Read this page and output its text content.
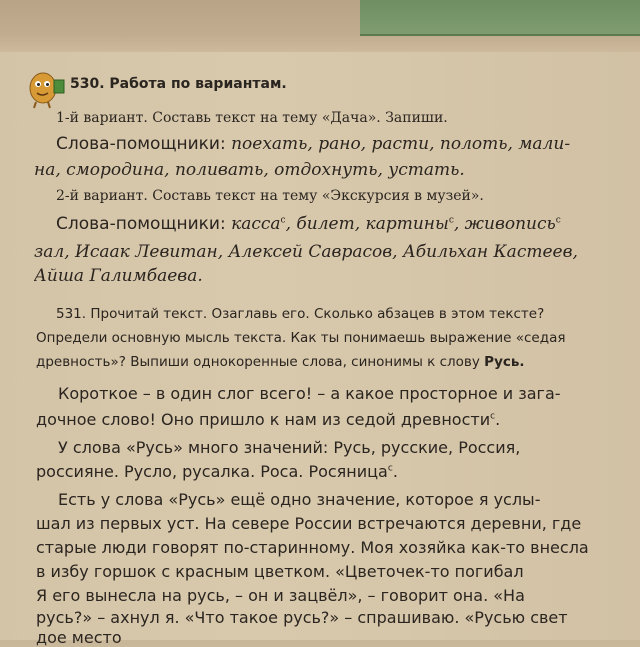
530. Работа по вариантам.
1-й вариант. Составь текст на тему «Дача». Запиши.
Слова-помощники: поехать, рано, расти, полоть, мали-
на, смородина, поливать, отдохнуть, устать.
2-й вариант. Составь текст на тему «Экскурсия в музей».
Слова-помощники: касса$^с$, билет, картины$^с$, живопись$^с$
зал, Исаак Левитан, Алексей Саврасов, Абильхан Кастеев,
Айша Галимбаева.
531. Прочитай текст. Озаглавь его. Сколько абзацев в этом тексте?
Определи основную мысль текста. Как ты понимаешь выражение «седая
древность»? Выпиши однокоренные слова, синонимы к слову Русь.
Короткое – в один слог всего! – а какое просторное и зага-
дочное слово! Оно пришло к нам из седой древности$^с$.
У слова «Русь» много значений: Русь, русские, Россия,
россияне. Русло, русалка. Роса. Росяница$^с$.
Есть у слова «Русь» ещё одно значение, которое я услы-
шал из первых уст. На севере России встречаются деревни, где
старые люди говорят по-старинному. Моя хозяйка как-то внесла
в избу горшок с красным цветком. «Цветочек-то погибал
Я его вынесла на русь, – он и зацвёл», – говорит она. «На
русь?» – ахнул я. «Что такое русь?» – спрашиваю. «Русью свет
дое место
